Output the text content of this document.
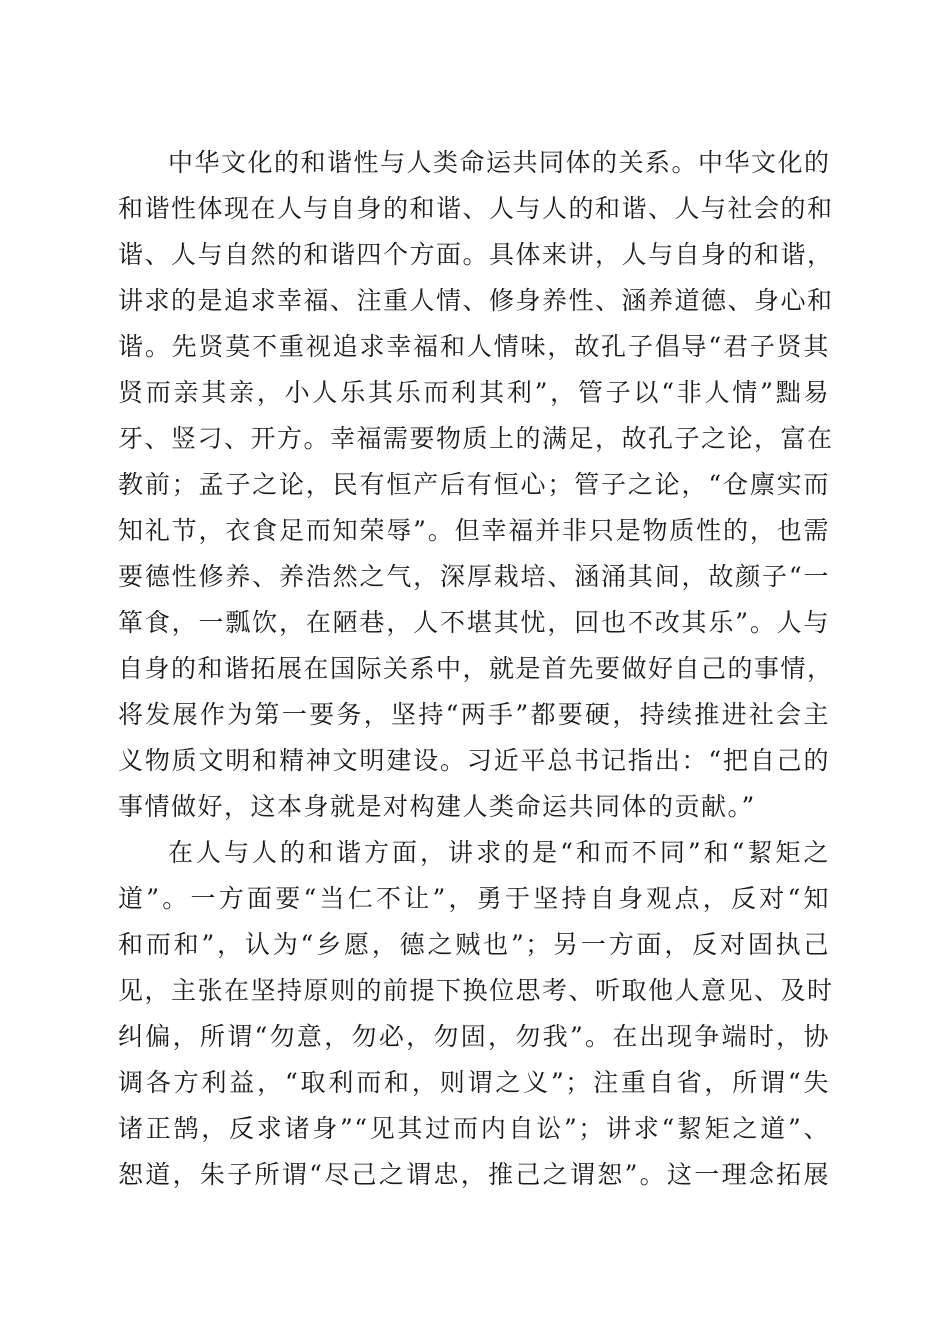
中华文化的和谐性与人类命运共同体的关系。中华文化的
和谐性体现在人与自身的和谐、人与人的和谐、人与社会的和
谐、人与自然的和谐四个方面。具体来讲，人与自身的和谐，
讲求的是追求幸福、注重人情、修身养性、涵养道德、身心和
谐。先贤莫不重视追求幸福和人情味，故孔子倡导“君子贤其
贤而亲其亲，小人乐其乐而利其利”，管子以“非人情”黜易
牙、竖刁、开方。幸福需要物质上的满足，故孔子之论，富在
教前；孟子之论，民有恒产后有恒心；管子之论，“仓廪实而
知礼节，衣食足而知荣辱”。但幸福并非只是物质性的，也需
要德性修养、养浩然之气，深厚栽培、涵涌其间，故颜子“一
箪食，一瓢饮，在陋巷，人不堪其忧，回也不改其乐”。人与
自身的和谐拓展在国际关系中，就是首先要做好自己的事情，
将发展作为第一要务，坚持“两手”都要硬，持续推进社会主
义物质文明和精神文明建设。习近平总书记指出：“把自己的
事情做好，这本身就是对构建人类命运共同体的贡献。”
在人与人的和谐方面，讲求的是“和而不同”和“絜矩之
道”。一方面要“当仁不让”，勇于坚持自身观点，反对“知
和而和”，认为“乡愿，德之贼也”；另一方面，反对固执己
见，主张在坚持原则的前提下换位思考、听取他人意见、及时
纠偏，所谓“勿意，勿必，勿固，勿我”。在出现争端时，协
调各方利益，“取利而和，则谓之义”；注重自省，所谓“失
诸正鹄，反求诸身”“见其过而内自讼”；讲求“絜矩之道”、
恕道，朱子所谓“尽己之谓忠，推己之谓恕”。这一理念拓展
